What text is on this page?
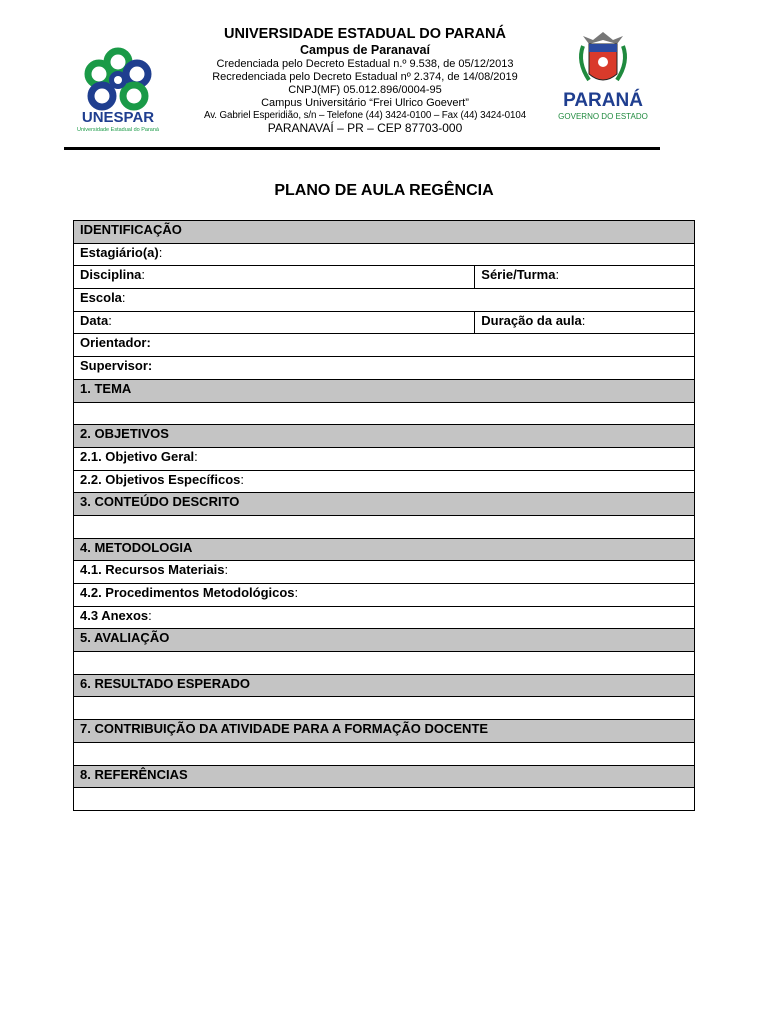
UNESPAR
Universidade Estadual do Paraná
UNIVERSIDADE ESTADUAL DO PARANÁ
Campus de Paranavaí
Credenciada pelo Decreto Estadual n.º 9.538, de 05/12/2013
Recredenciada pelo Decreto Estadual nº 2.374, de 14/08/2019
CNPJ(MF) 05.012.896/0004-95
Campus Universitário “Frei Ulrico Goevert”
Av. Gabriel Esperidião, s/n – Telefone (44) 3424-0100 – Fax (44) 3424-0104
PARANAVAÍ – PR – CEP 87703-000
PARANÁ
GOVERNO DO ESTADO
PLANO DE AULA REGÊNCIA
IDENTIFICAÇÃO	
Estagiário(a):	
Disciplina:	Série/Turma:
Escola:	
Data:	Duração da aula:
Orientador:	
Supervisor:	
1. TEMA	

2. OBJETIVOS	
2.1. Objetivo Geral:	
2.2. Objetivos Específicos:	
3. CONTEÚDO DESCRITO	

4. METODOLOGIA	
4.1. Recursos Materiais:	
4.2. Procedimentos Metodológicos:	
4.3 Anexos:	
5. AVALIAÇÃO	

6. RESULTADO ESPERADO	

7. CONTRIBUIÇÃO DA ATIVIDADE PARA A FORMAÇÃO DOCENTE	

8. REFERÊNCIAS	
